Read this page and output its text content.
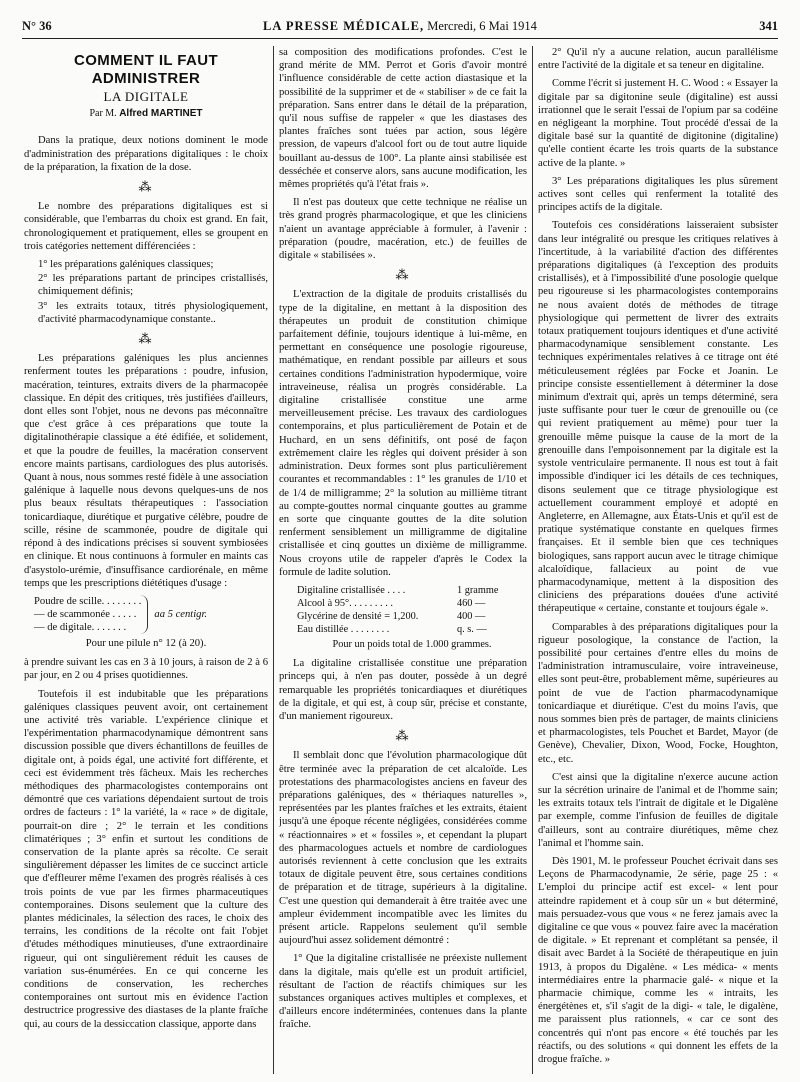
N° 36	LA PRESSE MÉDICALE, Mercredi, 6 Mai 1914	341
COMMENT IL FAUT ADMINISTRER
LA DIGITALE
Par M. Alfred MARTINET

Dans la pratique, deux notions dominent le mode d'administration des préparations digitaliques : le choix de la préparation, la fixation de la dose.

⁂

Le nombre des préparations digitaliques est si considérable, que l'embarras du choix est grand. En fait, chronologiquement et pratiquement, elles se groupent en trois catégories nettement différenciées :

1° les préparations galéniques classiques;

2° les préparations partant de principes cristallisés, chimiquement définis;

3° les extraits totaux, titrés physiologiquement, d'activité pharmacodynamique constante..

⁂

Les préparations galéniques les plus anciennes renferment toutes les préparations : poudre, infusion, macération, teintures, extraits divers de la pharmacopée classique. En dépit des critiques, très justifiées d'ailleurs, dont elles sont l'objet, nous ne devons pas méconnaître que c'est grâce à ces préparations que toute la digitalinothérapie classique a été édifiée, et solidement, et que la poudre de feuilles, la macération conservent encore maints partisans, cardiologues des plus autorisés. Quant à nous, nous sommes resté fidèle à une association galénique à laquelle nous devons quelques-uns de nos plus beaux résultats thérapeutiques : l'association tonicardiaque, diurétique et purgative célèbre, poudre de scille, résine de scammonée, poudre de digitale qui répond à des indications précises si souvent symbiosées en clinique. Et nous continuons à formuler en maints cas d'asystolo-urémie, d'insuffisance cardiorénale, en même temps que les prescriptions diététiques d'usage :

Poudre de scille. . . . . . . .
— de scammonée . . . . .
— de digitale. . . . . . .
aa 5 centigr.
Pour une pilule n° 12 (à 20).

à prendre suivant les cas en 3 à 10 jours, à raison de 2 à 6 par jour, en 2 ou 4 prises quotidiennes.

Toutefois il est indubitable que les préparations galéniques classiques peuvent avoir, ont certainement une activité très variable. L'expérience clinique et l'expérimentation pharmacodynamique démontrent sans discussion possible que divers échantillons de feuilles de digitale ont, à poids égal, une activité fort différente, et ceci est évidemment très fâcheux. Mais les recherches méthodiques des pharmacologistes contemporains ont démontré que ces variations dépendaient surtout de trois ordres de facteurs : 1° la variété, la « race » de digitale, pourrait-on dire ; 2° le terrain et les conditions climatériques ; 3° enfin et surtout les conditions de conservation de la plante après sa récolte. Ce serait singulièrement dépasser les limites de ce succinct article que d'effleurer même l'examen des progrès réalisés à ces trois points de vue par les firmes pharmaceutiques contemporaines. Disons seulement que la culture des plantes médicinales, la sélection des races, le choix des terrains, les conditions de la récolte ont fait l'objet d'études méthodiques minutieuses, d'une extraordinaire rigueur, qui ont singulièrement réduit les causes de variation sus-énumérées. En ce qui concerne les conditions de conservation, les recherches contemporaines ont surtout mis en évidence l'action destructrice progressive des diastases de la plante fraîche qui, au cours de la dessiccation classique, apporte dans

sa composition des modifications profondes. C'est le grand mérite de MM. Perrot et Goris d'avoir montré l'influence considérable de cette action diastasique et la possibilité de la supprimer et de « stabiliser » de ce fait la préparation. Sans entrer dans le détail de la préparation, qu'il nous suffise de rappeler « que les diastases des plantes fraîches sont tuées par action, sous légère pression, de vapeurs d'alcool fort ou de tout autre liquide bouillant au-dessus de 100°. La plante ainsi stabilisée est desséchée et conserve alors, sans aucune modification, les mêmes propriétés qu'à l'état frais ».

Il n'est pas douteux que cette technique ne réalise un très grand progrès pharmacologique, et que les cliniciens n'aient un avantage appréciable à formuler, à l'avenir : préparation (poudre, macération, etc.) de feuilles de digitale « stabilisées ».

⁂

L'extraction de la digitale de produits cristallisés du type de la digitaline, en mettant à la disposition des thérapeutes un produit de constitution chimique parfaitement définie, toujours identique à lui-même, en permettant en conséquence une posologie rigoureuse, mathématique, en rendant possible par ailleurs et sous certaines conditions l'administration hypodermique, voire intraveineuse, réalisa un progrès considérable. La digitaline cristallisée constitue une arme merveilleusement précise. Les travaux des cardiologues contemporains, et plus particulièrement de Potain et de Huchard, en un sens définitifs, ont posé de façon extrêmement claire les règles qui doivent présider à son administration. Deux formes sont plus particulièrement courantes et recommandables : 1° les granules de 1/10 et de 1/4 de milligramme; 2° la solution au millième titrant au compte-gouttes normal cinquante gouttes au gramme en sorte que cinquante gouttes de la dite solution renferment sensiblement un milligramme de digitaline cristallisée et cinq gouttes un dixième de milligramme. Nous croyons utile de rappeler d'après le Codex la formule de ladite solution.

Digitaline cristallisée . . . .	1 gramme
Alcool à 95°. . . . . . . . .	460 —
Glycérine de densité = 1,200.	400 —
Eau distillée . . . . . . . .	q. s. —
Pour un poids total de 1.000 grammes.

La digitaline cristallisée constitue une préparation princeps qui, à n'en pas douter, possède à un degré remarquable les propriétés tonicardiaques et diurétiques de la digitale, et qui est, à coup sûr, précise et constante, d'un maniement rigoureux.

⁂

Il semblait donc que l'évolution pharmacologique dût être terminée avec la préparation de cet alcaloïde. Les protestations des pharmacologistes anciens en faveur des préparations galéniques, des « thériaques naturelles », représentées par les plantes fraîches et les extraits, étaient jusqu'à une époque récente négligées, considérées comme « réactionnaires » et « fossiles », et cependant la plupart des pharmacologues actuels et nombre de cardiologues autorisés reviennent à cette conclusion que les extraits totaux de digitale peuvent être, sous certaines conditions de préparation et de titrage, supérieurs à la digitaline. C'est une question qui demanderait à être traitée avec une ampleur évidemment incompatible avec les limites du présent article. Rappelons seulement qu'il semble aujourd'hui assez solidement démontré :

1° Que la digitaline cristallisée ne préexiste nullement dans la digitale, mais qu'elle est un produit artificiel, résultant de l'action de réactifs chimiques sur les substances organiques actives multiples et complexes, et d'ailleurs encore indéterminées, contenues dans la plante fraîche.

2° Qu'il n'y a aucune relation, aucun parallélisme entre l'activité de la digitale et sa teneur en digitaline.

Comme l'écrit si justement H. C. Wood : « Essayer la digitale par sa digitonine seule (digitaline) est aussi irrationnel que le serait l'essai de l'opium par sa codéine en négligeant la morphine. Tout procédé d'essai de la digitale basé sur la quantité de digitonine (digitaline) qu'elle contient écarte les trois quarts de la substance active de la plante. »

3° Les préparations digitaliques les plus sûrement actives sont celles qui renferment la totalité des principes actifs de la digitale.

Toutefois ces considérations laisseraient subsister dans leur intégralité ou presque les critiques relatives à l'incertitude, à la variabilité d'action des différentes préparations digitaliques (à l'exception des produits cristallisés), et à l'impossibilité d'une posologie quelque peu rigoureuse si les pharmacologistes contemporains ne nous avaient dotés de méthodes de titrage physiologique qui permettent de livrer des extraits totaux pratiquement toujours identiques et d'une activité pharmacodynamique sensiblement constante. Les techniques expérimentales relatives à ce titrage ont été méticuleusement réglées par Focke et Joanin. Le principe consiste essentiellement à déterminer la dose minimum d'extrait qui, après un temps déterminé, sera juste suffisante pour tuer le cœur de grenouille ou (ce qui revient pratiquement au même) pour tuer la grenouille même puisque la cause de la mort de la grenouille dans l'empoisonnement par la digitale est la systole ventriculaire permanente. Il nous est tout à fait impossible d'indiquer ici les détails de ces techniques, disons seulement que ce titrage physiologique est actuellement couramment employé et adopté en Angleterre, en Allemagne, aux États-Unis et qu'il est de pratique systématique constante en quelques firmes françaises. Et il semble bien que ces techniques biologiques, sans rapport aucun avec le titrage chimique alcaloïdique, fallacieux au point de vue pharmacodynamique, mettent à la disposition des cliniciens des préparations douées d'une activité thérapeutique « certaine, constante et toujours égale ».

Comparables à des préparations digitaliques pour la rigueur posologique, la constance de l'action, la possibilité pour certaines d'entre elles du moins de l'administration intramusculaire, voire intraveineuse, elles sont peut-être, probablement même, supérieures au point de vue de l'action pharmacodynamique tonicardiaque et diurétique. C'est du moins l'avis, que nous sommes bien près de partager, de maints cliniciens et pharmacologistes, tels Pouchet et Bardet, Mayor (de Genève), Chevalier, Dixon, Wood, Focke, Houghton, etc., etc.

C'est ainsi que la digitaline n'exerce aucune action sur la sécrétion urinaire de l'animal et de l'homme sain; les extraits totaux tels l'intrait de digitale et le Digalène par exemple, comme l'infusion de feuilles de digitale d'ailleurs, sont au contraire diurétiques, même chez l'animal et l'homme sain.

Dès 1901, M. le professeur Pouchet écrivait dans ses Leçons de Pharmacodynamie, 2e série, page 25 : « L'emploi du principe actif est excel- « lent pour atteindre rapidement et à coup sûr un « but déterminé, mais persuadez-vous que vous « ne ferez jamais avec la digitaline ce que vous « pouvez faire avec la macération de digitale. » Et reprenant et complétant sa pensée, il disait avec Bardet à la Société de thérapeutique en juin 1913, à propos du Digalène. « Les médica- « ments intermédiaires entre la pharmacie galé- « nique et la pharmacie chimique, comme les « intraits, les énergétènes et, s'il s'agit de la digi- « tale, le digalène, me paraissent plus rationnels, « car ce sont des concentrés qui n'ont pas encore « été touchés par les réactifs, ou des solutions « qui donnent les effets de la drogue fraîche. »
